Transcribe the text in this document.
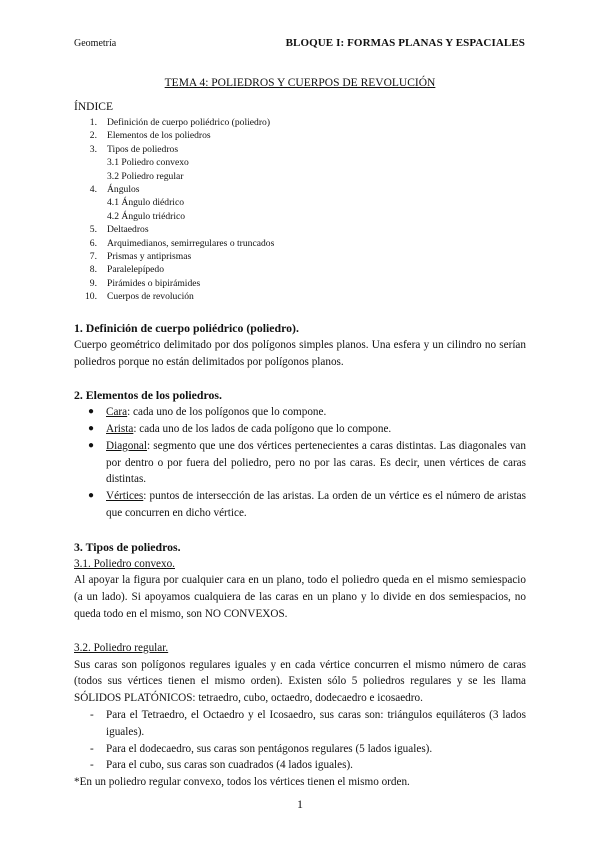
Geometría	BLOQUE I: FORMAS PLANAS Y ESPACIALES
TEMA 4: POLIEDROS Y CUERPOS DE REVOLUCIÓN
ÍNDICE
1.	Definición de cuerpo poliédrico (poliedro)
2.	Elementos de los poliedros
3.	Tipos de poliedros
3.1 Poliedro convexo
3.2 Poliedro regular
4.	Ángulos
4.1 Ángulo diédrico
4.2 Ángulo triédrico
5.	Deltaedros
6.	Arquimedianos, semirregulares o truncados
7.	Prismas y antiprismas
8.	Paralelepípedo
9.	Pirámides o bipirámides
10.	Cuerpos de revolución
1. Definición de cuerpo poliédrico (poliedro).

Cuerpo geométrico delimitado por dos polígonos simples planos. Una esfera y un cilindro no serían poliedros porque no están delimitados por polígonos planos.

2. Elementos de los poliedros.
● Cara: cada uno de los polígonos que lo compone.
● Arista: cada uno de los lados de cada polígono que lo compone.
● Diagonal: segmento que une dos vértices pertenecientes a caras distintas. Las diagonales van por dentro o por fuera del poliedro, pero no por las caras. Es decir, unen vértices de caras distintas.
● Vértices: puntos de intersección de las aristas. La orden de un vértice es el número de aristas que concurren en dicho vértice.
3. Tipos de poliedros.
3.1. Poliedro convexo.

Al apoyar la figura por cualquier cara en un plano, todo el poliedro queda en el mismo semiespacio (a un lado). Si apoyamos cualquiera de las caras en un plano y lo divide en dos semiespacios, no queda todo en el mismo, son NO CONVEXOS.

3.2. Poliedro regular.

Sus caras son polígonos regulares iguales y en cada vértice concurren el mismo número de caras (todos sus vértices tienen el mismo orden). Existen sólo 5 poliedros regulares y se les llama SÓLIDOS PLATÓNICOS: tetraedro, cubo, octaedro, dodecaedro e icosaedro.

- Para el Tetraedro, el Octaedro y el Icosaedro, sus caras son: triángulos equiláteros (3 lados iguales).
- Para el dodecaedro, sus caras son pentágonos regulares (5 lados iguales).
- Para el cubo, sus caras son cuadrados (4 lados iguales).

*En un poliedro regular convexo, todos los vértices tienen el mismo orden.

1
